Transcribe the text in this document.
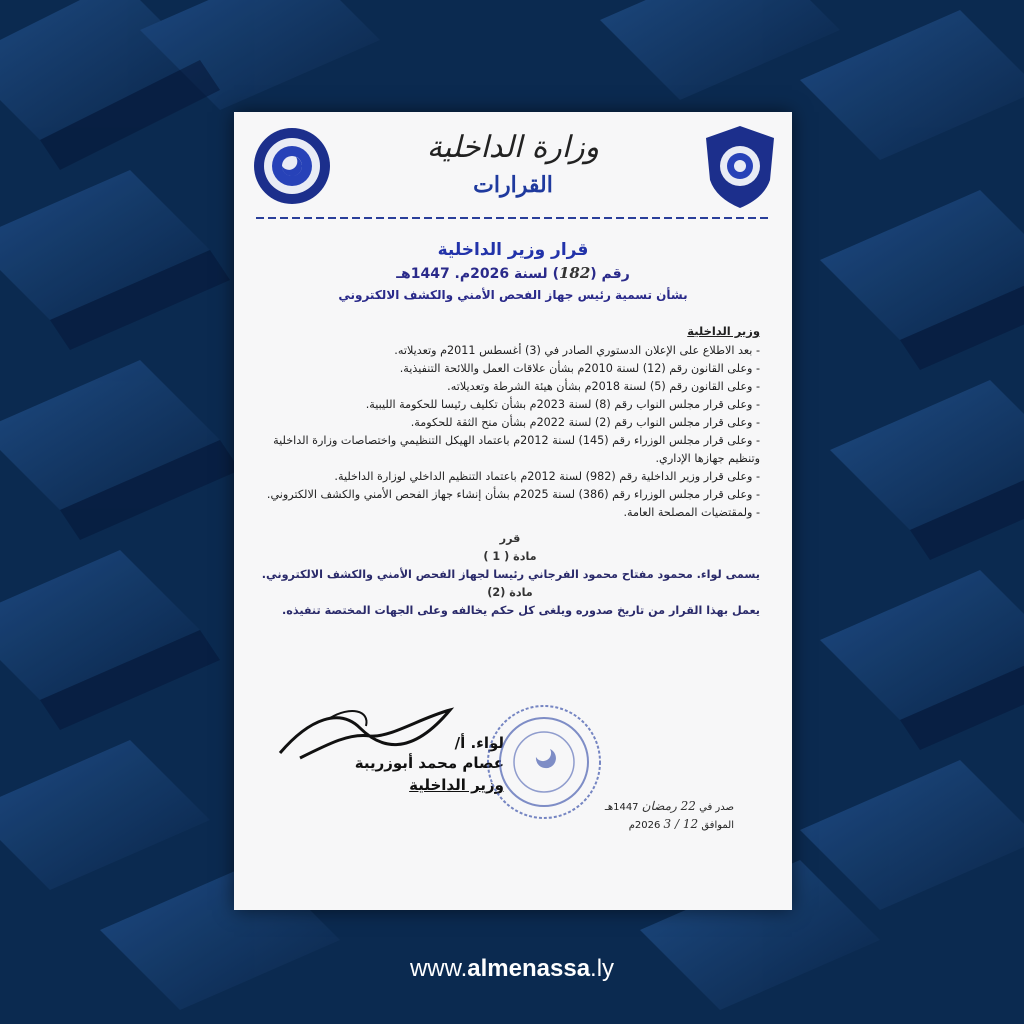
وزارة الداخلية
القرارات
قرار وزير الداخلية
رقم (182) لسنة 2026م. 1447هـ
بشأن تسمية رئيس جهاز الفحص الأمني والكشف الالكتروني
وزير الداخلية

- بعد الاطلاع على الإعلان الدستوري الصادر في (3) أغسطس 2011م وتعديلاته.

- وعلى القانون رقم (12) لسنة 2010م بشأن علاقات العمل واللائحة التنفيذية.

- وعلى القانون رقم (5) لسنة 2018م بشأن هيئة الشرطة وتعديلاته.

- وعلى قرار مجلس النواب رقم (8) لسنة 2023م بشأن تكليف رئيسا للحكومة الليبية.

- وعلى قرار مجلس النواب رقم (2) لسنة 2022م بشأن منح الثقة للحكومة.

- وعلى قرار مجلس الوزراء رقم (145) لسنة 2012م باعتماد الهيكل التنظيمي واختصاصات وزارة الداخلية وتنظيم جهازها الإداري.

- وعلى قرار وزير الداخلية رقم (982) لسنة 2012م باعتماد التنظيم الداخلي لوزارة الداخلية.

- وعلى قرار مجلس الوزراء رقم (386) لسنة 2025م بشأن إنشاء جهاز الفحص الأمني والكشف الالكتروني.

- ولمقتضيات المصلحة العامة.

قرر
مادة ( 1 )
يسمى لواء. محمود مفتاح محمود الفرجاني رئيسا لجهاز الفحص الأمني والكشف الالكتروني.
مادة (2)
يعمل بهذا القرار من تاريخ صدوره ويلغى كل حكم يخالفه وعلى الجهات المختصة تنفيذه.
لواء. أ/
عصام محمد أبوزريبة
وزير الداخلية
صدر في 22 رمضان 1447هـ
الموافق 12 / 3 2026م
www.almenassa.ly
